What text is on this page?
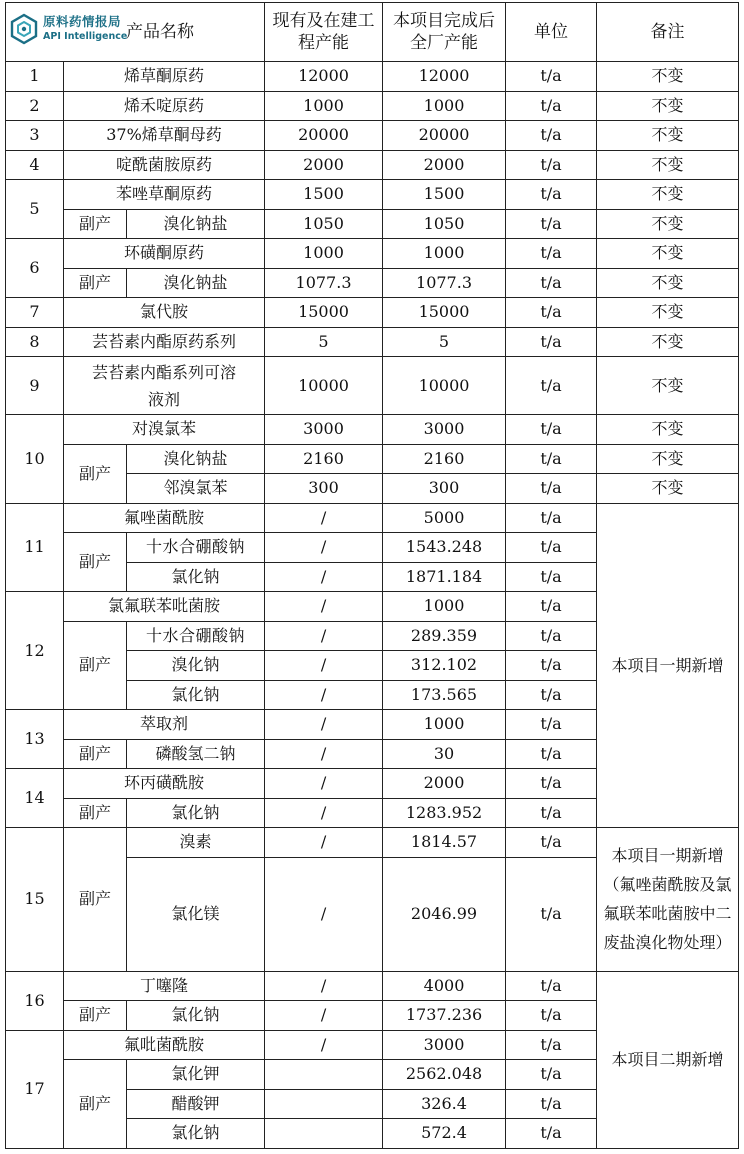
原料药情报局
API Intelligence
产品名称			现有及在建工程产能	本项目完成后全厂产能	单位	备注
1	烯草酮原药		12000	12000	t/a	不变
2	烯禾啶原药		1000	1000	t/a	不变
3	37%烯草酮母药		20000	20000	t/a	不变
4	啶酰菌胺原药		2000	2000	t/a	不变
5	苯唑草酮原药		1500	1500	t/a	不变
	副产	溴化钠盐	1050	1050	t/a	不变
6	环磺酮原药		1000	1000	t/a	不变
	副产	溴化钠盐	1077.3	1077.3	t/a	不变
7	氯代胺		15000	15000	t/a	不变
8	芸苔素内酯原药系列		5	5	t/a	不变
9	芸苔素内酯系列可溶液剂		10000	10000	t/a	不变
10	对溴氯苯		3000	3000	t/a	不变
	副产	溴化钠盐	2160	2160	t/a	不变
		邻溴氯苯	300	300	t/a	不变
11	氟唑菌酰胺		/	5000	t/a	本项目一期新增
	副产	十水合硼酸钠	/	1543.248	t/a	
		氯化钠	/	1871.184	t/a	
12	氯氟联苯吡菌胺		/	1000	t/a	
	副产	十水合硼酸钠	/	289.359	t/a	
		溴化钠	/	312.102	t/a	
		氯化钠	/	173.565	t/a	
13	萃取剂		/	1000	t/a	
	副产	磷酸氢二钠	/	30	t/a	
14	环丙磺酰胺		/	2000	t/a	
	副产	氯化钠	/	1283.952	t/a	
15	副产	溴素	/	1814.57	t/a	本项目一期新增（氟唑菌酰胺及氯氟联苯吡菌胺中二废盐溴化物处理）
		氯化镁	/	2046.99	t/a	
16	丁噻隆		/	4000	t/a	本项目二期新增
	副产	氯化钠	/	1737.236	t/a	
17	氟吡菌酰胺		/	3000	t/a	
	副产	氯化钾		2562.048	t/a	
		醋酸钾		326.4	t/a	
		氯化钠		572.4	t/a	
